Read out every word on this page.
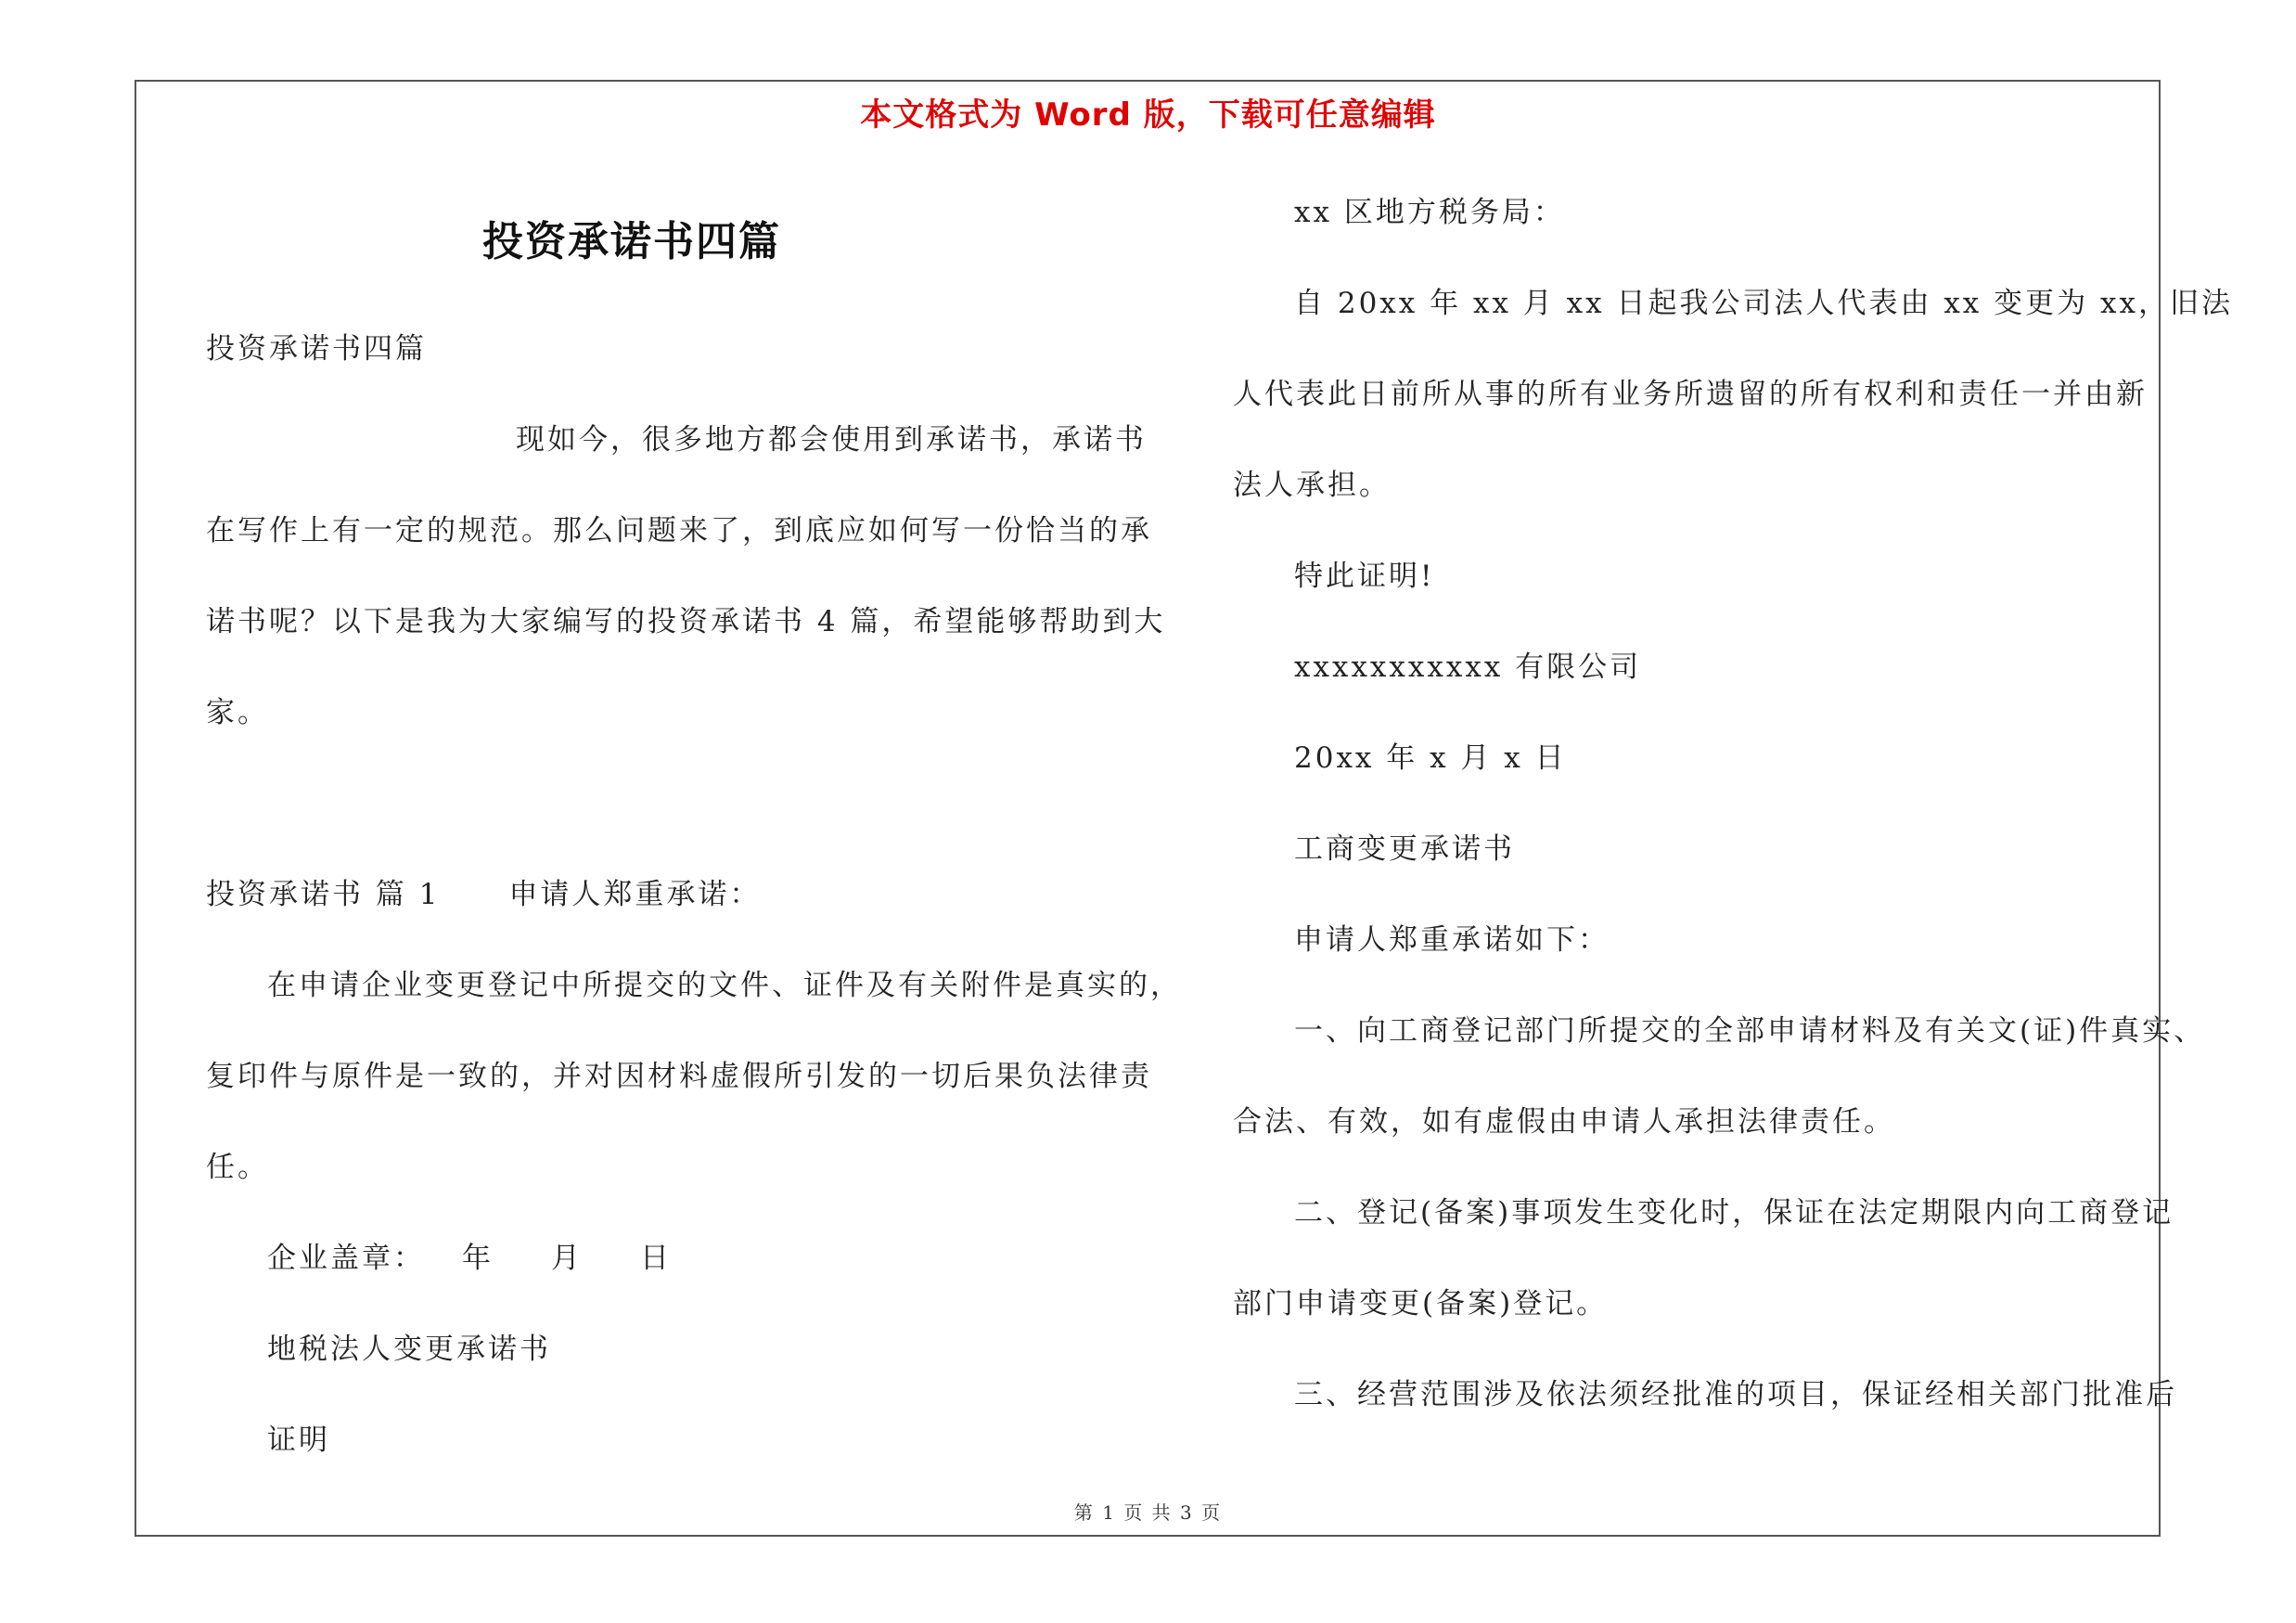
本文格式为 Word 版，下载可任意编辑
投资承诺书四篇

投资承诺书四篇

现如今，很多地方都会使用到承诺书，承诺书

在写作上有一定的规范。那么问题来了，到底应如何写一份恰当的承

诺书呢？以下是我为大家编写的投资承诺书 4 篇，希望能够帮助到大

家。

投资承诺书 篇 1 申请人郑重承诺：

在申请企业变更登记中所提交的文件、证件及有关附件是真实的，

复印件与原件是一致的，并对因材料虚假所引发的一切后果负法律责

任。

企业盖章： 年 月 日

地税法人变更承诺书

证明

xx 区地方税务局：

自 20xx 年 xx 月 xx 日起我公司法人代表由 xx 变更为 xx，旧法

人代表此日前所从事的所有业务所遗留的所有权利和责任一并由新

法人承担。

特此证明!

xxxxxxxxxxx 有限公司

20xx 年 x 月 x 日

工商变更承诺书

申请人郑重承诺如下：

一、向工商登记部门所提交的全部申请材料及有关文(证)件真实、

合法、有效，如有虚假由申请人承担法律责任。

二、登记(备案)事项发生变化时，保证在法定期限内向工商登记

部门申请变更(备案)登记。

三、经营范围涉及依法须经批准的项目，保证经相关部门批准后

第 1 页 共 3 页
